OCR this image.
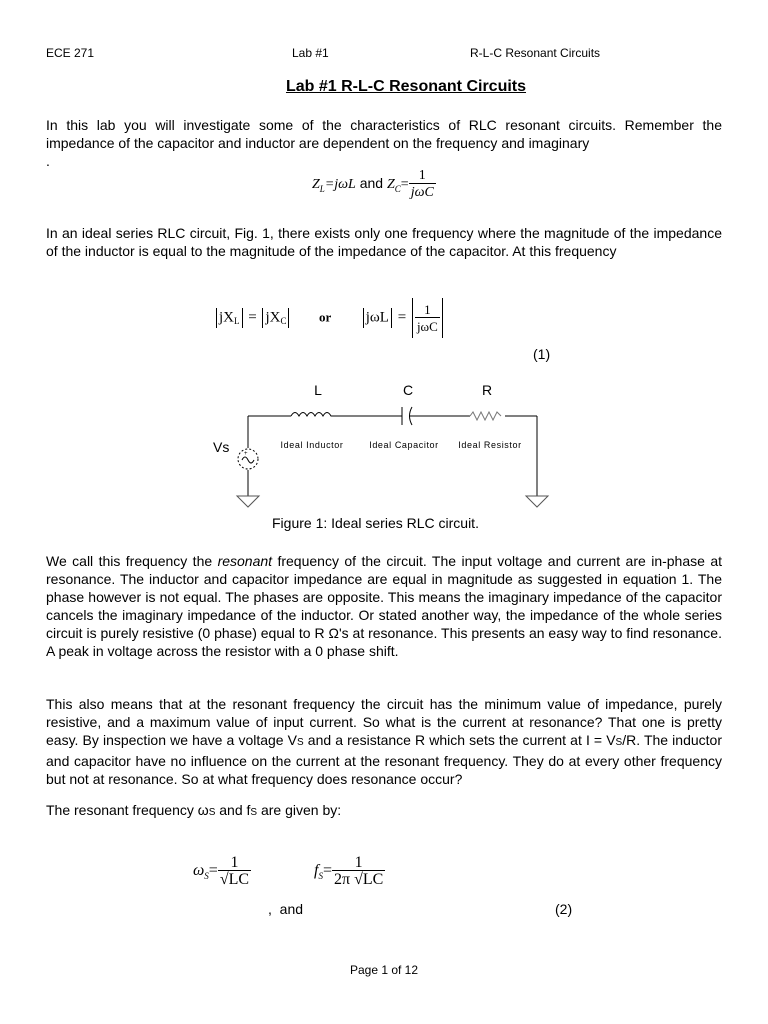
ECE 271	Lab #1	R-L-C Resonant Circuits
Lab #1 R-L-C Resonant Circuits
In this lab you will investigate some of the characteristics of RLC resonant circuits. Remember the impedance of the capacitor and inductor are dependent on the frequency and imaginary
.
$Z_L=j\omega L$ and $Z_C= \frac{1}{\text{jωC}}$
In an ideal series RLC circuit, Fig. 1, there exists only one frequency where the magnitude of the impedance of the inductor is equal to the magnitude of the impedance of the capacitor. At this frequency
$jX_L = jX_C$	or $j\omega L = \frac{1}{\text{jωC}}$
(1)
L	C	R
Ideal Inductor	Ideal Capacitor Ideal Resistor
Vs +
Figure 1: Ideal series RLC circuit.
We call this frequency the resonant frequency of the circuit. The input voltage and current are in-phase at resonance. The inductor and capacitor impedance are equal in magnitude as suggested in equation 1. The phase however is not equal. The phases are opposite. This means the imaginary impedance of the capacitor cancels the imaginary impedance of the inductor. Or stated another way, the impedance of the whole series circuit is purely resistive (0 phase) equal to R Ω's at resonance. This presents an easy way to find resonance. A peak in voltage across the resistor with a 0 phase shift.
This also means that at the resonant frequency the circuit has the minimum value of impedance, purely resistive, and a maximum value of input current. So what is the current at resonance? That one is pretty easy. By inspection we have a voltage VS and a resistance R which sets the current at I = VS/R. The inductor and capacitor have no influence on the current at the resonant frequency. They do at every other frequency but not at resonance. So at what frequency does resonance occur?
The resonant frequency ωS and fS are given by:
$\omega_S= \frac{1}{√LC}$	$f_S= \frac{1}{2\pi √LC}$
, and	(2)
Page 1 of 12
